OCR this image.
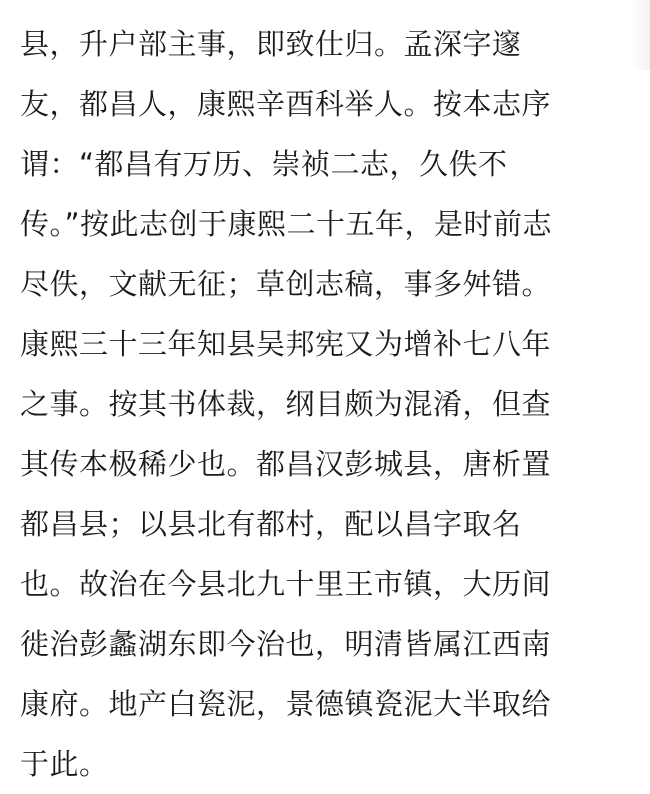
县，升户部主事，即致仕归。孟深字邃
友，都昌人，康熙辛酉科举人。按本志序
谓：“都昌有万历、崇祯二志，久佚不
传。”按此志创于康熙二十五年，是时前志
尽佚，文献无征；草创志稿，事多舛错。
康熙三十三年知县吴邦宪又为增补七八年
之事。按其书体裁，纲目颇为混淆，但查
其传本极稀少也。都昌汉彭城县，唐析置
都昌县；以县北有都村，配以昌字取名
也。故治在今县北九十里王市镇，大历间
徙治彭蠡湖东即今治也，明清皆属江西南
康府。地产白瓷泥，景德镇瓷泥大半取给
于此。
